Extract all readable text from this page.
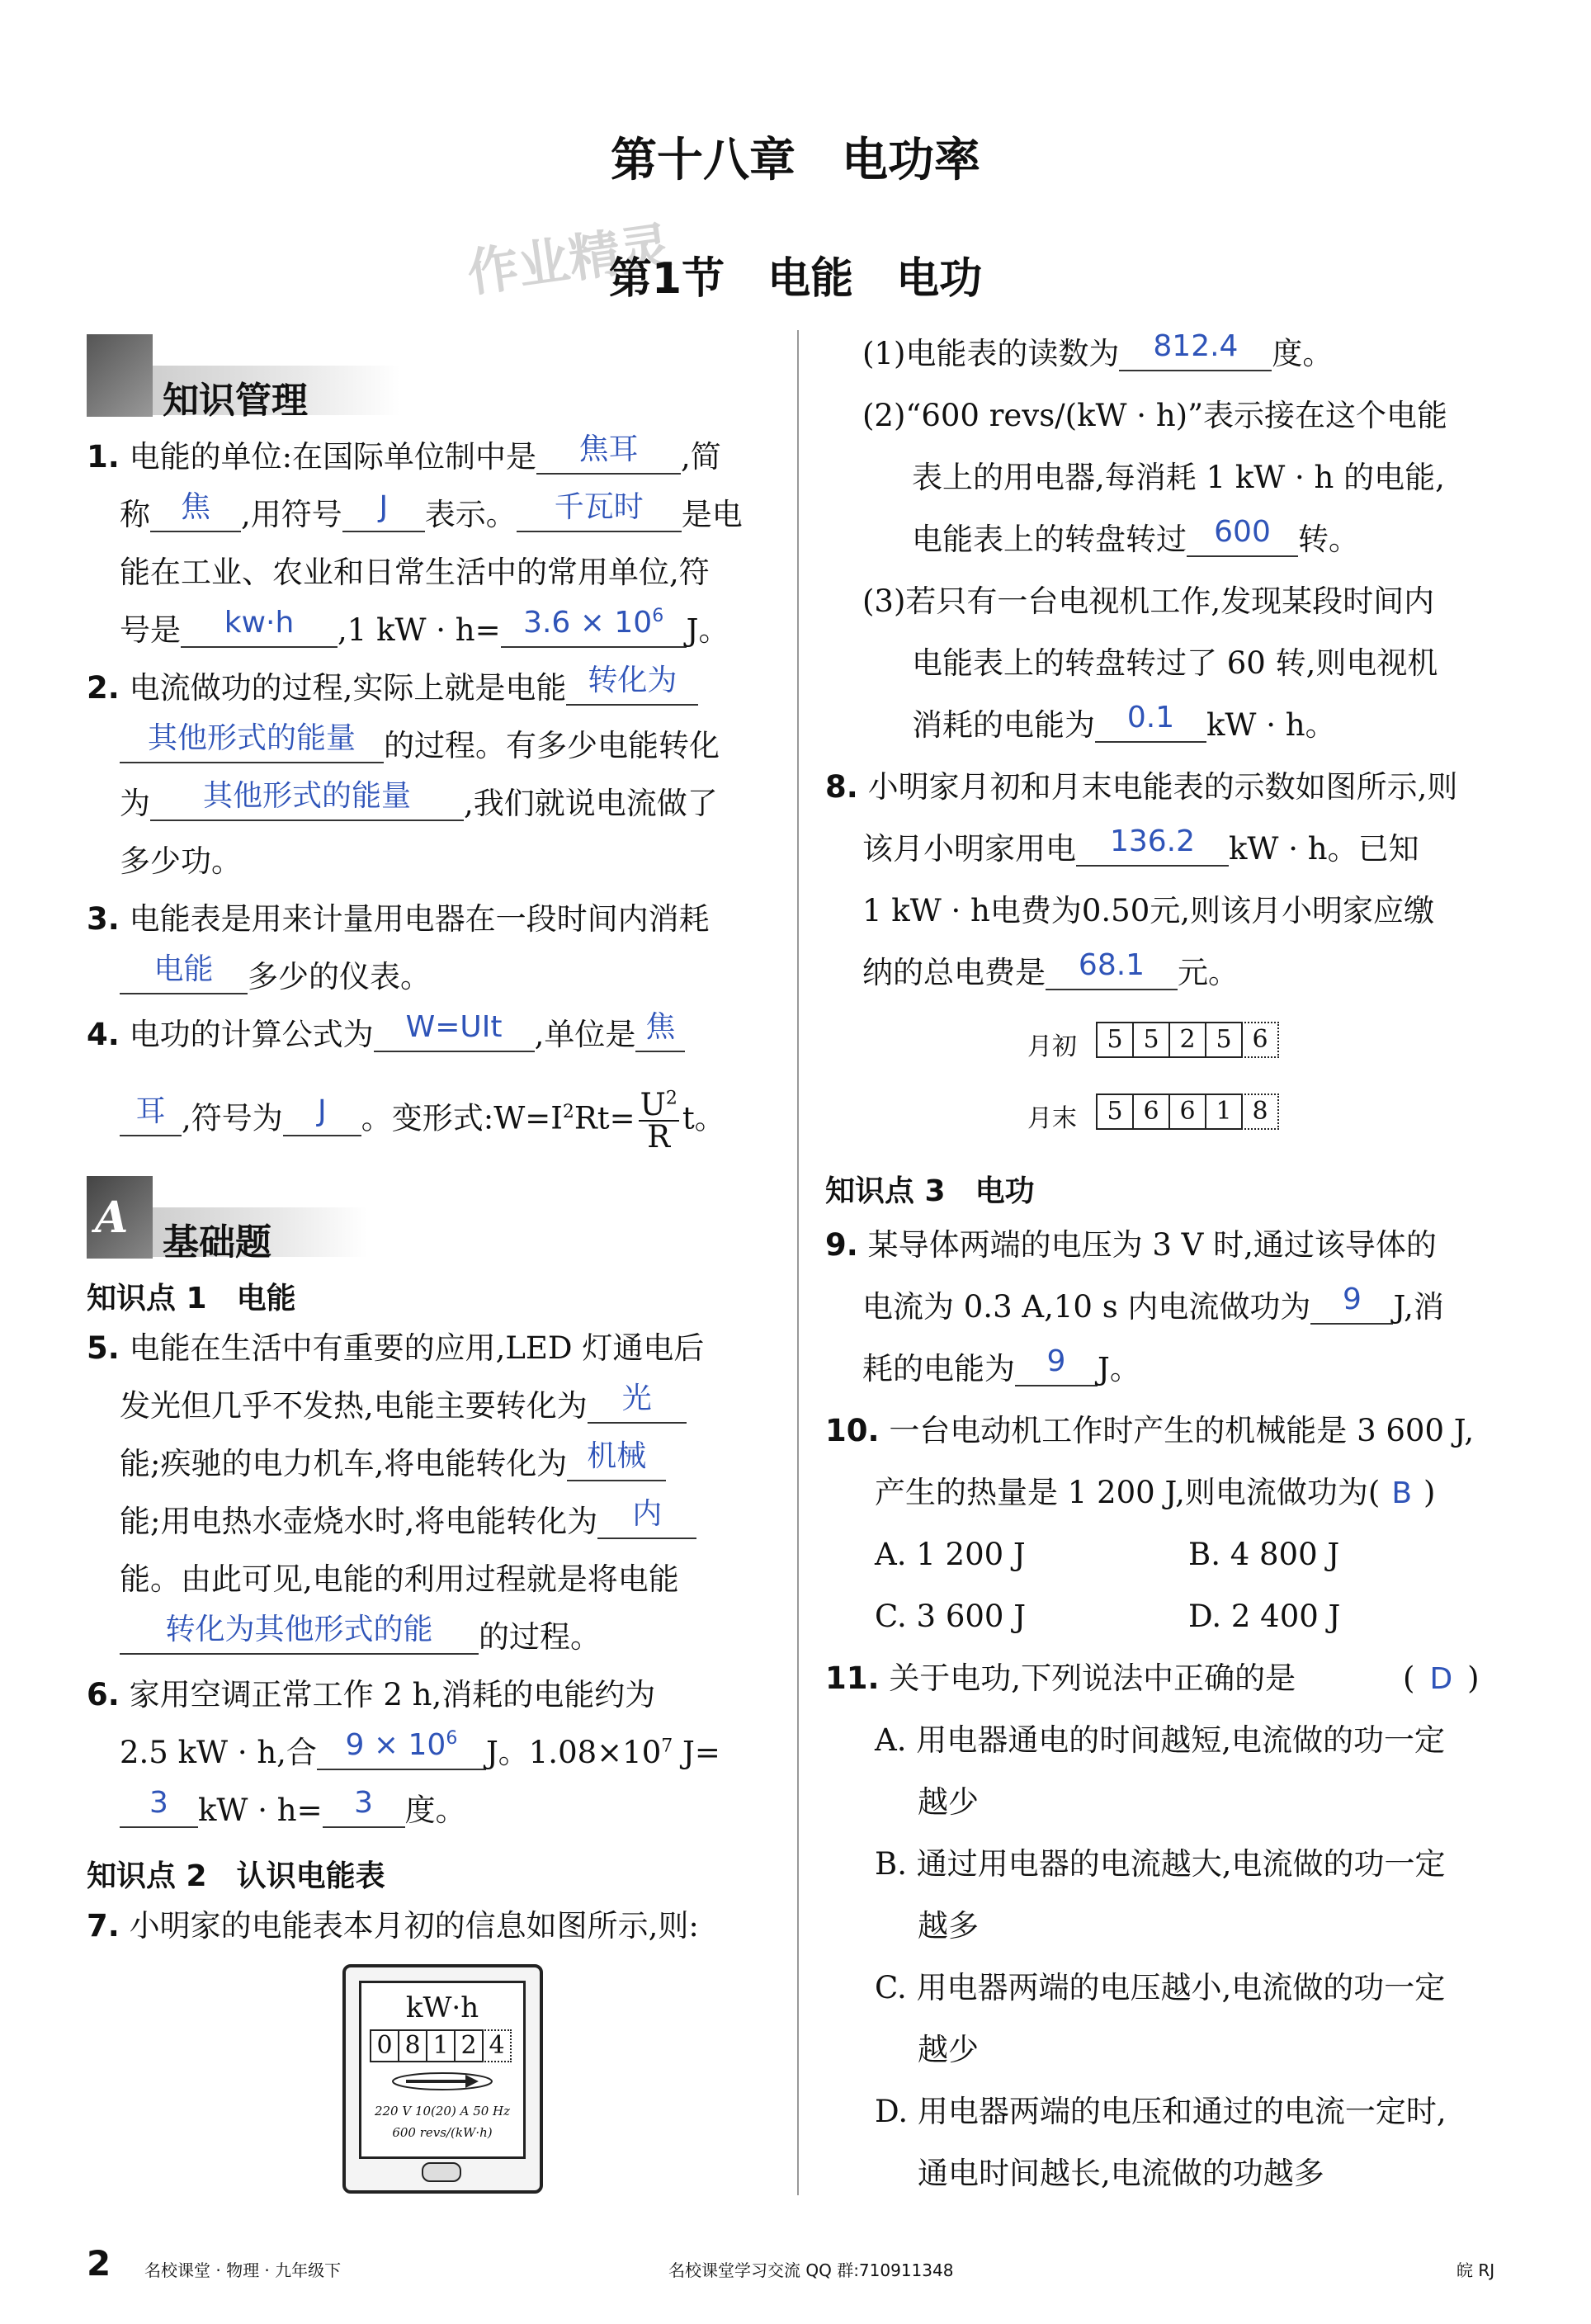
第十八章　电功率
作业精灵
第1节　电能　电功
知识管理
1. 电能的单位:在国际单位制中是 焦耳 ,简
称 焦 ,用符号 J 表示。 千瓦时 是电
能在工业、农业和日常生活中的常用单位,符
号是 kw·h ,1 kW · $h= 3.6 \times 10^6$ J。
2. 电流做功的过程,实际上就是电能 转化为
其他形式的能量 的过程。有多少电能转化
为 其他形式的能量 ,我们就说电流做了
多少功。
3. 电能表是用来计量用电器在一段时间内消耗
电能 多少的仪表。
4. 电功的计算公式为 W=UIt ,单位是 焦
耳 ,符号为 J 。变形式$:W=I^2Rt= \frac{U^2}{R}$ t。
A 基础题
知识点 1　电能
5. 电能在生活中有重要的应用,LED 灯通电后
发光但几乎不发热,电能主要转化为 光
能;疾驰的电力机车,将电能转化为 机械
能;用电热水壶烧水时,将电能转化为 内
能。由此可见,电能的利用过程就是将电能
转化为其他形式的能 的过程。
6. 家用空调正常工作 2 h,消耗的电能约为
2.5 kW · h,合 $9 \times 10^6$ J。$1.08\times 10^7$ J=
3 kW · h= 3 度。
知识点 2　认识电能表
7. 小明家的电能表本月初的信息如图所示,则:
kW·h
0 8 1 2 4
220 V 10(20) A 50 Hz
600 revs/(kW·h)
(1)电能表的读数为 812.4 度。
(2)“600 revs/(kW · h)”表示接在这个电能
表上的用电器,每消耗 1 kW · h 的电能,
电能表上的转盘转过 600 转。
(3)若只有一台电视机工作,发现某段时间内
电能表上的转盘转过了 60 转,则电视机
消耗的电能为 0.1 kW · h。
8. 小明家月初和月末电能表的示数如图所示,则
该月小明家用电 136.2 kW · h。已知
1 kW · h电费为0.50元,则该月小明家应缴
纳的总电费是 68.1 元。
月初 5 5 2 5 6
月末 5 6 6 1 8
知识点 3　电功
9. 某导体两端的电压为 3 V 时,通过该导体的
电流为 0.3 A,10 s 内电流做功为 9 J,消
耗的电能为 9 J。
10. 一台电动机工作时产生的机械能是 3 600 J,
产生的热量是 1 200 J,则电流做功为( B )
A. 1 200 J	B. 4 800 J
C. 3 600 J	D. 2 400 J
11. 关于电功,下列说法中正确的是	( D )
A. 用电器通电的时间越短,电流做的功一定
越少
B. 通过用电器的电流越大,电流做的功一定
越多
C. 用电器两端的电压越小,电流做的功一定
越少
D. 用电器两端的电压和通过的电流一定时,
通电时间越长,电流做的功越多
2 名校课堂 · 物理 · 九年级下	名校课堂学习交流 QQ 群:710911348	皖 RJ
